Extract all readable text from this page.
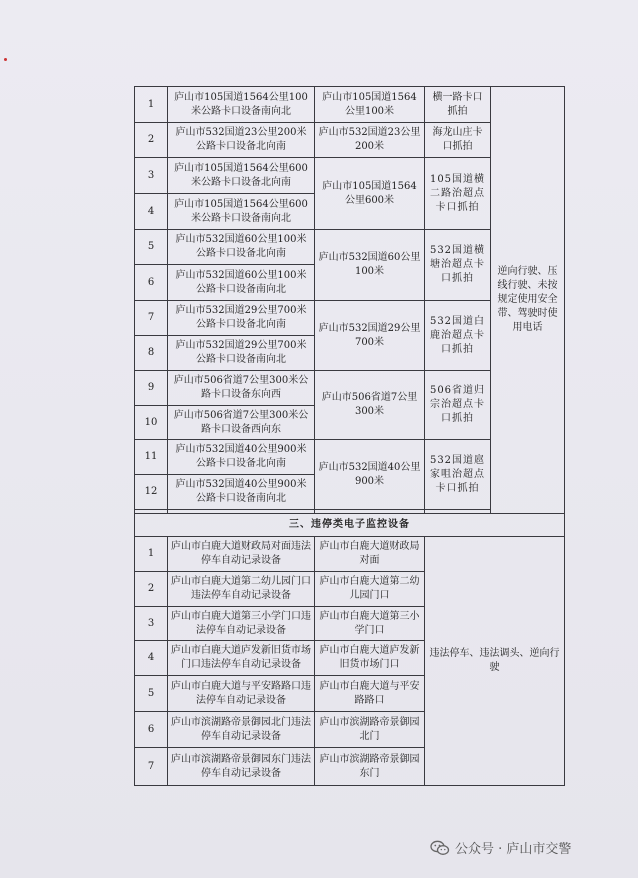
1	庐山市105国道1564公里100米公路卡口设备南向北	庐山市105国道1564公里100米	横一路卡口抓拍	逆向行驶、压线行驶、未按规定使用安全带、驾驶时使用电话
2	庐山市532国道23公里200米公路卡口设备北向南	庐山市532国道23公里200米	海龙山庄卡口抓拍	
3	庐山市105国道1564公里600米公路卡口设备北向南	庐山市105国道1564公里600米	105国道横二路治超点卡口抓拍	
4	庐山市105国道1564公里600米公路卡口设备南向北			
5	庐山市532国道60公里100米公路卡口设备北向南	庐山市532国道60公里100米	532国道横塘治超点卡口抓拍	
6	庐山市532国道60公里100米公路卡口设备南向北			
7	庐山市532国道29公里700米公路卡口设备北向南	庐山市532国道29公里700米	532国道白鹿治超点卡口抓拍	
8	庐山市532国道29公里700米公路卡口设备南向北			
9	庐山市506省道7公里300米公路卡口设备东向西	庐山市506省道7公里300米	506省道归宗治超点卡口抓拍	
10	庐山市506省道7公里300米公路卡口设备西向东			
11	庐山市532国道40公里900米公路卡口设备北向南	庐山市532国道40公里900米	532国道扈家咀治超点卡口抓拍	
12	庐山市532国道40公里900米公路卡口设备南向北			

三、违停类电子监控设备				
1	庐山市白鹿大道财政局对面违法停车自动记录设备	庐山市白鹿大道财政局对面	违法停车、违法调头、逆向行驶	
2	庐山市白鹿大道第二幼儿园门口违法停车自动记录设备	庐山市白鹿大道第二幼儿园门口		
3	庐山市白鹿大道第三小学门口违法停车自动记录设备	庐山市白鹿大道第三小学门口		
4	庐山市白鹿大道庐发新旧货市场门口违法停车自动记录设备	庐山市白鹿大道庐发新旧货市场门口		
5	庐山市白鹿大道与平安路路口违法停车自动记录设备	庐山市白鹿大道与平安路路口		
6	庐山市滨湖路帝景御园北门违法停车自动记录设备	庐山市滨湖路帝景御园北门		
7	庐山市滨湖路帝景御园东门违法停车自动记录设备	庐山市滨湖路帝景御园东门		
公众号 · 庐山市交警
